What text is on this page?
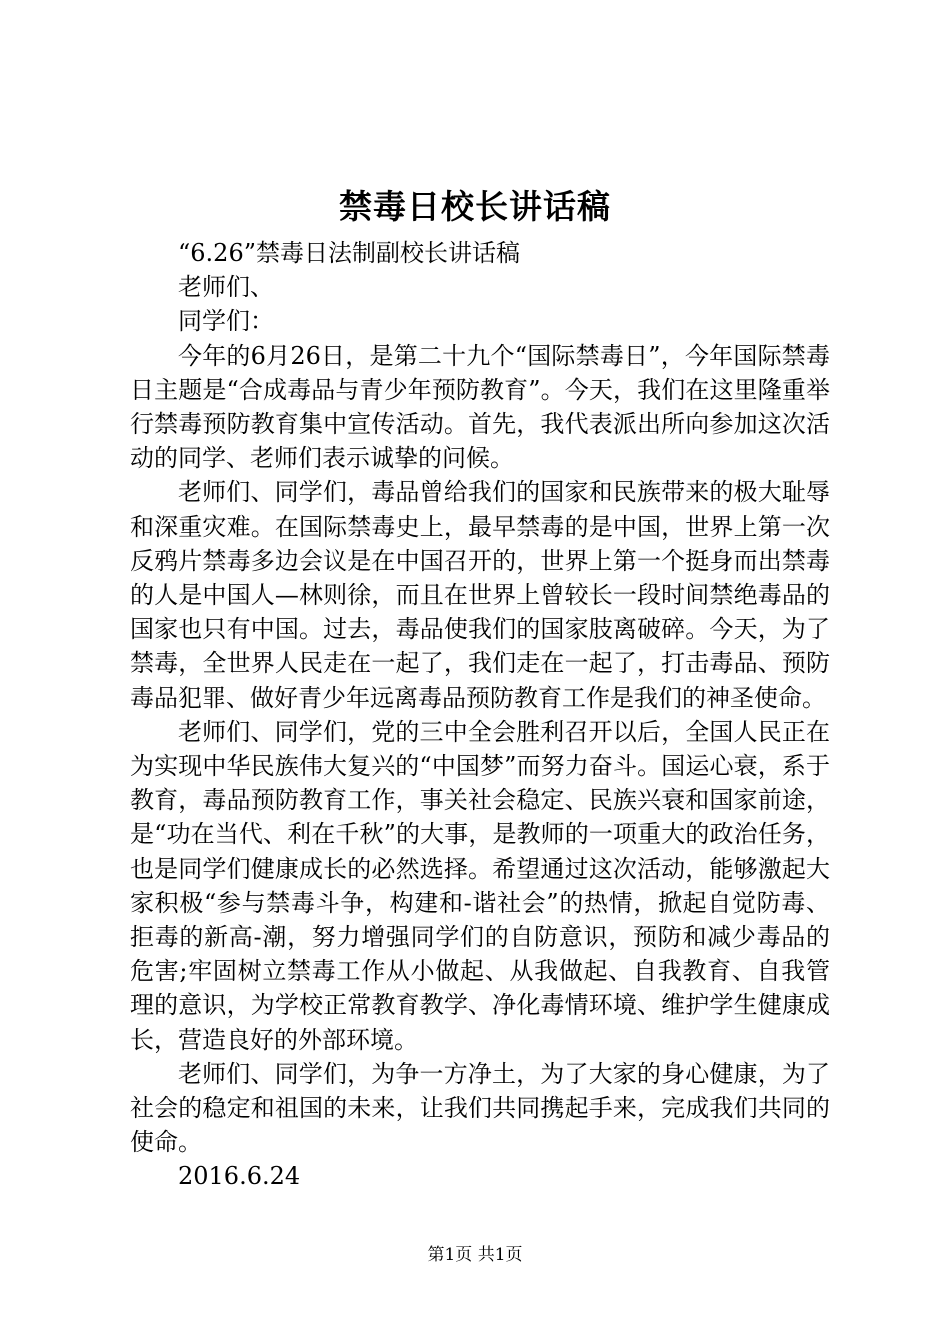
禁毒日校长讲话稿

“6.26”禁毒日法制副校长讲话稿

老师们、

同学们：

今年的6月26日，是第二十九个“国际禁毒日”，今年国际禁毒日主题是“合成毒品与青少年预防教育”。今天，我们在这里隆重举行禁毒预防教育集中宣传活动。首先，我代表派出所向参加这次活动的同学、老师们表示诚挚的问候。

老师们、同学们，毒品曾给我们的国家和民族带来的极大耻辱和深重灾难。在国际禁毒史上，最早禁毒的是中国，世界上第一次反鸦片禁毒多边会议是在中国召开的，世界上第一个挺身而出禁毒的人是中国人—林则徐，而且在世界上曾较长一段时间禁绝毒品的国家也只有中国。过去，毒品使我们的国家肢离破碎。今天，为了禁毒，全世界人民走在一起了，我们走在一起了，打击毒品、预防毒品犯罪、做好青少年远离毒品预防教育工作是我们的神圣使命。

老师们、同学们，党的三中全会胜利召开以后，全国人民正在为实现中华民族伟大复兴的“中国梦”而努力奋斗。国运心衰，系于教育，毒品预防教育工作，事关社会稳定、民族兴衰和国家前途，是“功在当代、利在千秋”的大事，是教师的一项重大的政治任务，也是同学们健康成长的必然选择。希望通过这次活动，能够激起大家积极“参与禁毒斗争，构建和-谐社会”的热情，掀起自觉防毒、拒毒的新高-潮，努力增强同学们的自防意识，预防和减少毒品的危害;牢固树立禁毒工作从小做起、从我做起、自我教育、自我管理的意识，为学校正常教育教学、净化毒情环境、维护学生健康成长，营造良好的外部环境。

老师们、同学们，为争一方净土，为了大家的身心健康，为了社会的稳定和祖国的未来，让我们共同携起手来，完成我们共同的使命。

2016.6.24

第1页 共1页
